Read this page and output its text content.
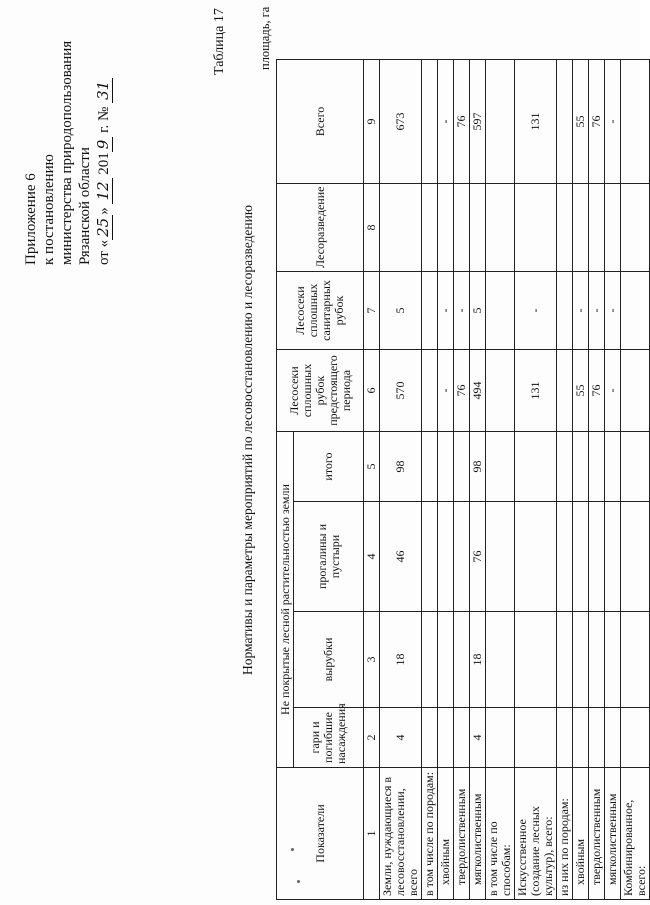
Приложение 6 к постановлению министерства природопользования Рязанской области от «25» 12 2019 г. № 31
Таблица 17
Нормативы и параметры мероприятий по лесовосстановлению и лесоразведению
площадь, га
Показатели	Не покрытые лесной растительностью земли				Лесосеки сплошных рубок предстоящего периода	Лесосеки сплошных санитарных рубок	Лесоразведение	Всего
	гари и погибшие насаждения	вырубки	прогалины и пустыри	итого				
1	2	3	4	5	6	7	8	9
Земли, нуждающиеся в лесовосстановлении, всего	4	18	46	98	570	5		673
в том числе по породам:								
хвойным					-	-		-
твердолиственным					76	-		76
мягколиственным	4	18	76	98	494	5		597
в том числе по способам:								
Искусственное (создание лесных культур), всего:					131	-		131
из них по породам:								
хвойным					55	-		55
твердолиственным					76	-		76
мягколиственным					-	-		-
Комбинированное, всего:								
